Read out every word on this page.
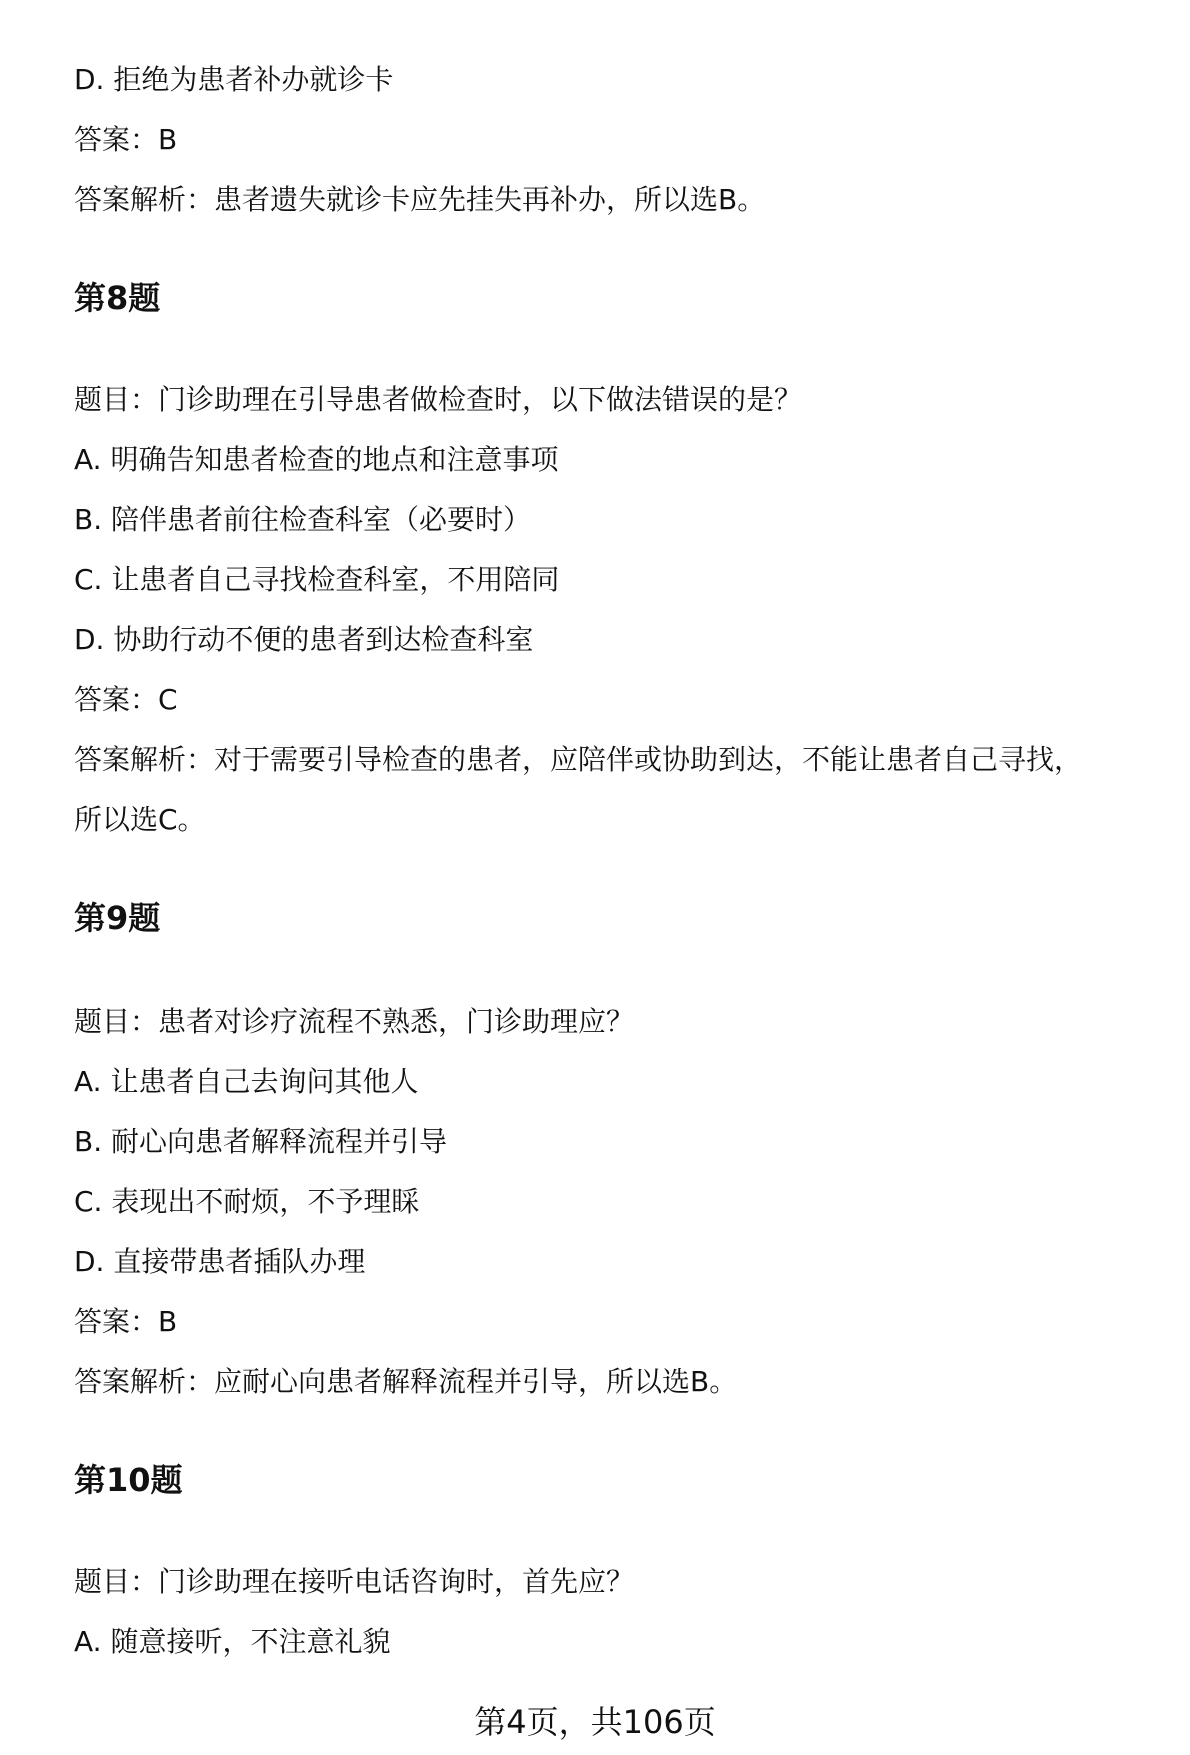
D. 拒绝为患者补办就诊卡
答案：B
答案解析：患者遗失就诊卡应先挂失再补办，所以选B。
第8题
题目：门诊助理在引导患者做检查时，以下做法错误的是？
A. 明确告知患者检查的地点和注意事项
B. 陪伴患者前往检查科室（必要时）
C. 让患者自己寻找检查科室，不用陪同
D. 协助行动不便的患者到达检查科室
答案：C
答案解析：对于需要引导检查的患者，应陪伴或协助到达，不能让患者自己寻找，
所以选C。
第9题
题目：患者对诊疗流程不熟悉，门诊助理应？
A. 让患者自己去询问其他人
B. 耐心向患者解释流程并引导
C. 表现出不耐烦，不予理睬
D. 直接带患者插队办理
答案：B
答案解析：应耐心向患者解释流程并引导，所以选B。
第10题
题目：门诊助理在接听电话咨询时，首先应？
A. 随意接听，不注意礼貌
第4页，共106页
